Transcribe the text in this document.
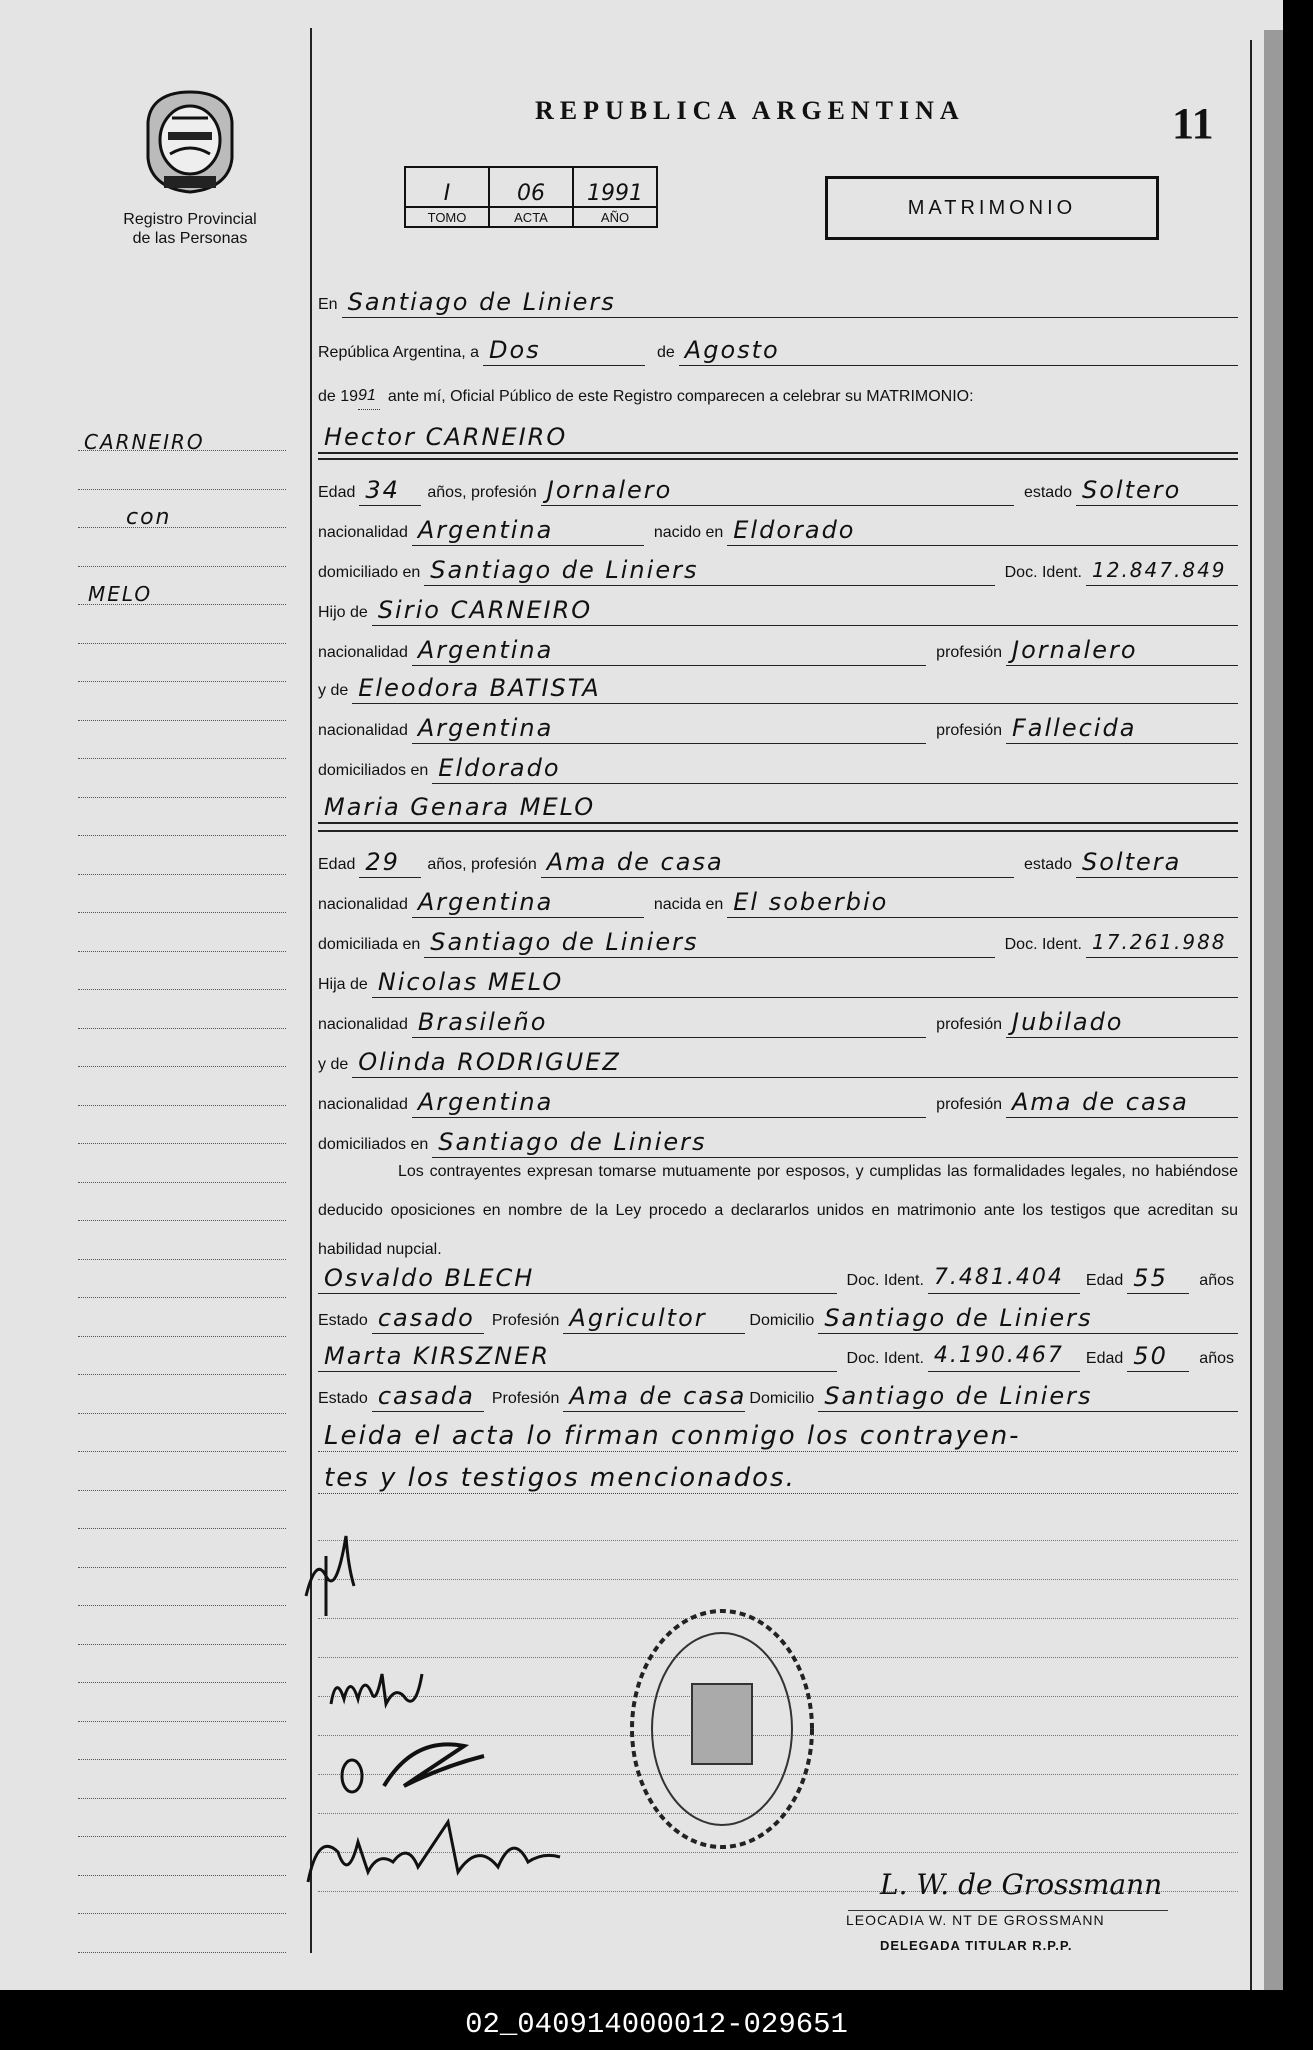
Registro Provincial
de las Personas
REPUBLICA ARGENTINA	11
I	06	1991
TOMO	ACTA	AÑO	MATRIMONIO
CARNEIRO
con
MELO
En Santiago de Liniers
República Argentina, a Dos	de Agosto
de 19 91 ante mí, Oficial Público de este Registro comparecen a celebrar su MATRIMONIO:
Hector CARNEIRO
Edad 34	años, profesión Jornalero	estado Soltero
nacionalidad Argentina	nacido en Eldorado
domiciliado en Santiago de Liniers	Doc. Ident. 12.847.849
Hijo de Sirio CARNEIRO
nacionalidad Argentina	profesión Jornalero
y de Eleodora BATISTA
nacionalidad Argentina	profesión Fallecida
domiciliados en Eldorado
Maria Genara MELO
Edad 29	años, profesión Ama de casa	estado Soltera
nacionalidad Argentina	nacida en El soberbio
domiciliada en Santiago de Liniers	Doc. Ident. 17.261.988
Hija de Nicolas MELO
nacionalidad Brasileño	profesión Jubilado
y de Olinda RODRIGUEZ
nacionalidad Argentina	profesión Ama de casa
domiciliados en Santiago de Liniers
Los contrayentes expresan tomarse mutuamente por esposos, y cumplidas las formalidades legales, no habiéndose deducido oposiciones en nombre de la Ley procedo a declararlos unidos en matrimonio ante los testigos que acreditan su habilidad nupcial.
Osvaldo BLECH	Doc. Ident. 7.481.404	Edad 55	años
Estado casado	Profesión Agricultor	Domicilio Santiago de Liniers
Marta KIRSZNER	Doc. Ident. 4.190.467	Edad 50	años
Estado casada	Profesión Ama de casa Domicilio Santiago de Liniers
Leida el acta lo firman conmigo los contrayen-
tes y los testigos mencionados.
L. W. de Grossmann
LEOCADIA W. NT DE GROSSMANN
DELEGADA TITULAR R.P.P.
02_040914000012-029651
